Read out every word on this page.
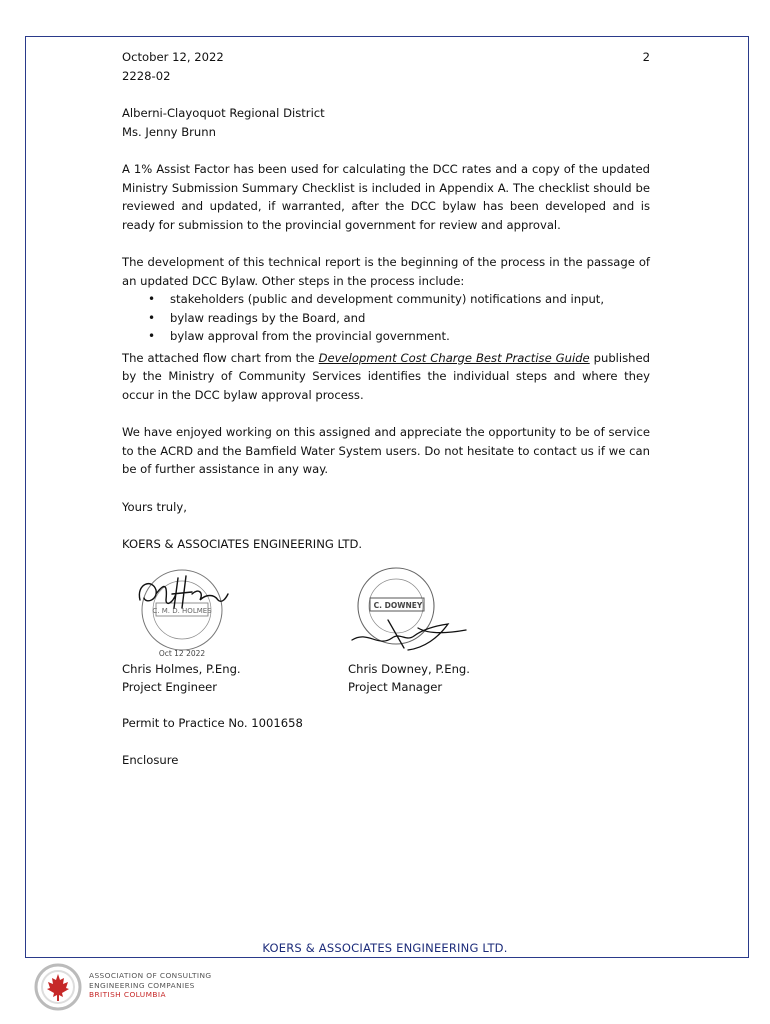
October 12, 2022
2228-02
2
Alberni-Clayoquot Regional District
Ms. Jenny Brunn

A 1% Assist Factor has been used for calculating the DCC rates and a copy of the updated Ministry Submission Summary Checklist is included in Appendix A. The checklist should be reviewed and updated, if warranted, after the DCC bylaw has been developed and is ready for submission to the provincial government for review and approval.

The development of this technical report is the beginning of the process in the passage of an updated DCC Bylaw. Other steps in the process include:

• stakeholders (public and development community) notifications and input,
• bylaw readings by the Board, and
• bylaw approval from the provincial government.

The attached flow chart from the Development Cost Charge Best Practise Guide published by the Ministry of Community Services identifies the individual steps and where they occur in the DCC bylaw approval process.

We have enjoyed working on this assigned and appreciate the opportunity to be of service to the ACRD and the Bamfield Water System users. Do not hesitate to contact us if we can be of further assistance in any way.

Yours truly,
KOERS & ASSOCIATES ENGINEERING LTD.
C. M. D. HOLMES
Oct 12 2022
Chris Holmes, P.Eng.
Project Engineer
C. DOWNEY
Chris Downey, P.Eng.
Project Manager
Permit to Practice No. 1001658
Enclosure
KOERS & ASSOCIATES ENGINEERING LTD.
ASSOCIATION OF CONSULTING
ENGINEERING COMPANIES
BRITISH COLUMBIA
